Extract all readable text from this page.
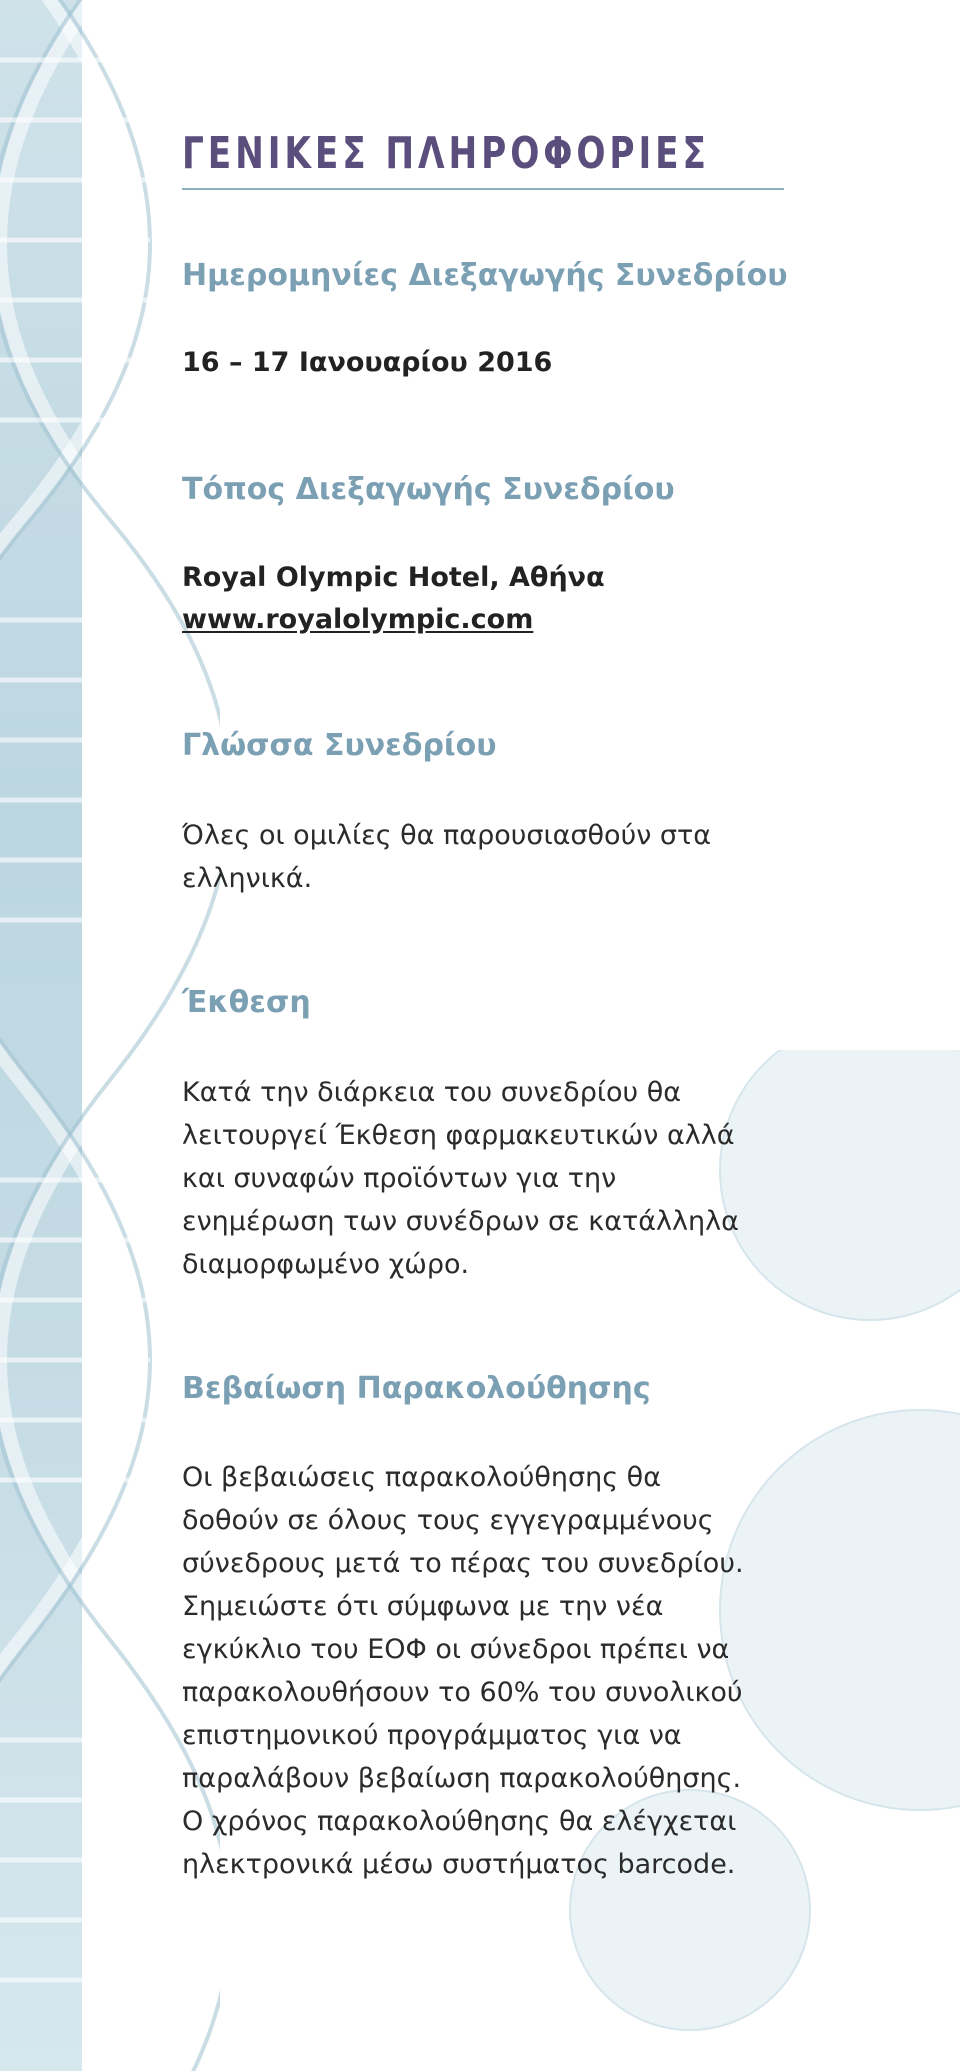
ΓΕΝΙΚΕΣ ΠΛΗΡΟΦΟΡΙΕΣ
Ημερομηνίες Διεξαγωγής Συνεδρίου

16 – 17 Ιανουαρίου 2016

Τόπος Διεξαγωγής Συνεδρίου
Royal Olympic Hotel, Αθήνα
www.royalolympic.com
Γλώσσα Συνεδρίου
Όλες οι ομιλίες θα παρουσιασθούν στα
ελληνικά.
Έκθεση
Κατά την διάρκεια του συνεδρίου θα
λειτουργεί Έκθεση φαρμακευτικών αλλά
και συναφών προϊόντων για την
ενημέρωση των συνέδρων σε κατάλληλα
διαμορφωμένο χώρο.
Βεβαίωση Παρακολούθησης
Οι βεβαιώσεις παρακολούθησης θα
δοθούν σε όλους τους εγγεγραμμένους
σύνεδρους μετά το πέρας του συνεδρίου.
Σημειώστε ότι σύμφωνα με την νέα
εγκύκλιο του ΕΟΦ οι σύνεδροι πρέπει να
παρακολουθήσουν το 60% του συνολικού
επιστημονικού προγράμματος για να
παραλάβουν βεβαίωση παρακολούθησης.
Ο χρόνος παρακολούθησης θα ελέγχεται
ηλεκτρονικά μέσω συστήματος barcode.
